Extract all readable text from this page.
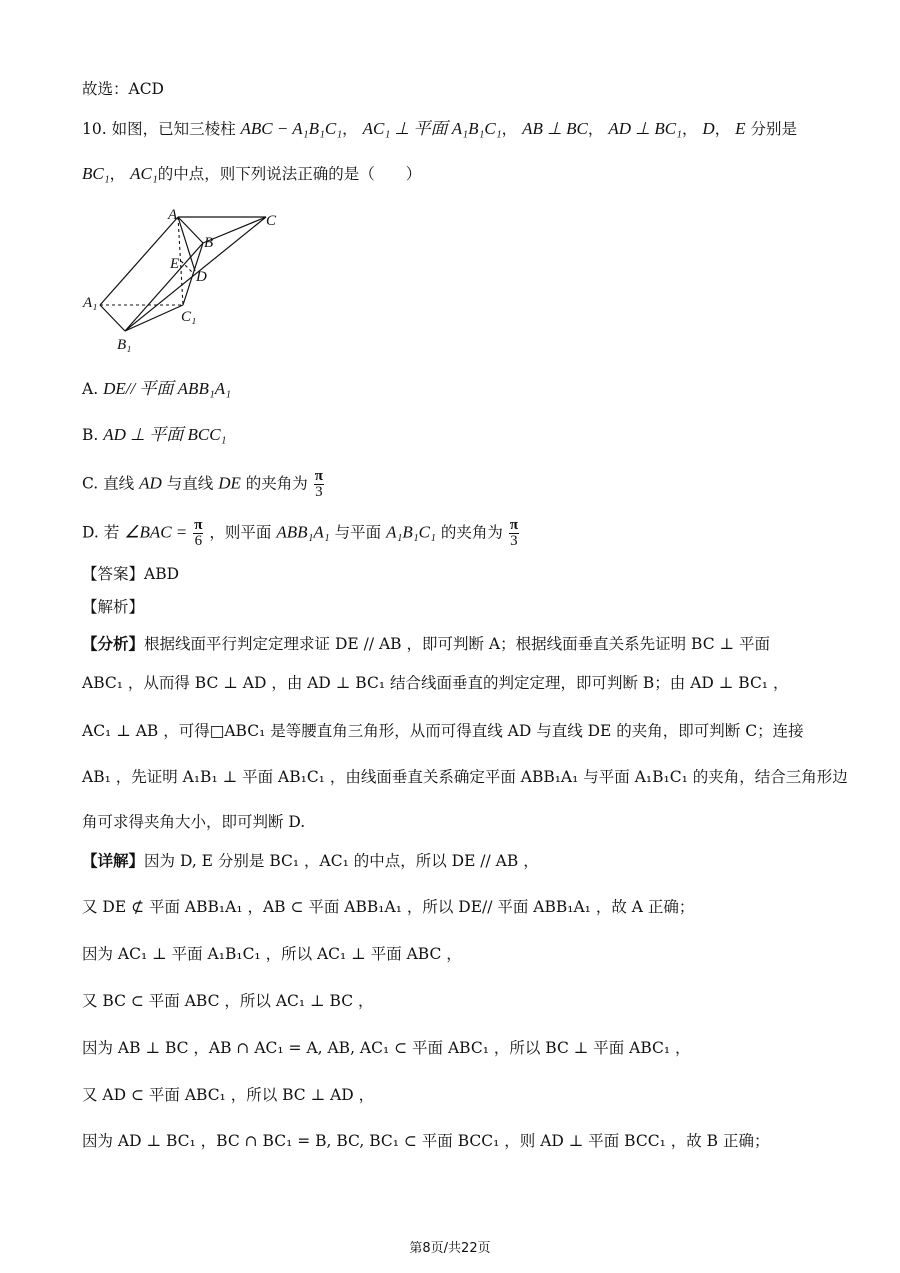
故选：ACD
10. 如图，已知三棱柱 ABC − A₁B₁C₁， AC₁ ⊥ 平面 A₁B₁C₁， AB ⊥ BC， AD ⊥ BC₁， D， E 分别是
BC₁， AC₁的中点，则下列说法正确的是（　　）
A	C
B
E
D
A₁
C₁
B₁
A. DE// 平面 ABB₁A₁
B. AD ⊥ 平面 BCC₁
C. 直线 AD 与直线 DE 的夹角为 $\frac{\pi}{3}$
D. 若 ∠BAC = $\frac{\pi}{6}$ ，则平面 ABB₁A₁ 与平面 A₁B₁C₁ 的夹角为 $\frac{\pi}{3}$
【答案】ABD
【解析】
【分析】根据线面平行判定定理求证 DE // AB ，即可判断 A；根据线面垂直关系先证明 BC ⊥ 平面
ABC₁ ，从而得 BC ⊥ AD ，由 AD ⊥ BC₁ 结合线面垂直的判定定理，即可判断 B；由 AD ⊥ BC₁ ，
AC₁ ⊥ AB ，可得□ABC₁ 是等腰直角三角形，从而可得直线 AD 与直线 DE 的夹角，即可判断 C；连接
AB₁ ，先证明 A₁B₁ ⊥ 平面 AB₁C₁ ，由线面垂直关系确定平面 ABB₁A₁ 与平面 A₁B₁C₁ 的夹角，结合三角形边
角可求得夹角大小，即可判断 D.
【详解】因为 D, E 分别是 BC₁ ，AC₁ 的中点，所以 DE // AB ，
又 DE ⊄ 平面 ABB₁A₁ ，AB ⊂ 平面 ABB₁A₁ ，所以 DE// 平面 ABB₁A₁ ，故 A 正确；
因为 AC₁ ⊥ 平面 A₁B₁C₁ ，所以 AC₁ ⊥ 平面 ABC ，
又 BC ⊂ 平面 ABC ，所以 AC₁ ⊥ BC ，
因为 AB ⊥ BC ，AB ∩ AC₁ = A, AB, AC₁ ⊂ 平面 ABC₁ ，所以 BC ⊥ 平面 ABC₁ ，
又 AD ⊂ 平面 ABC₁ ，所以 BC ⊥ AD ，
因为 AD ⊥ BC₁ ，BC ∩ BC₁ = B, BC, BC₁ ⊂ 平面 BCC₁ ，则 AD ⊥ 平面 BCC₁ ，故 B 正确；
第8页/共22页
